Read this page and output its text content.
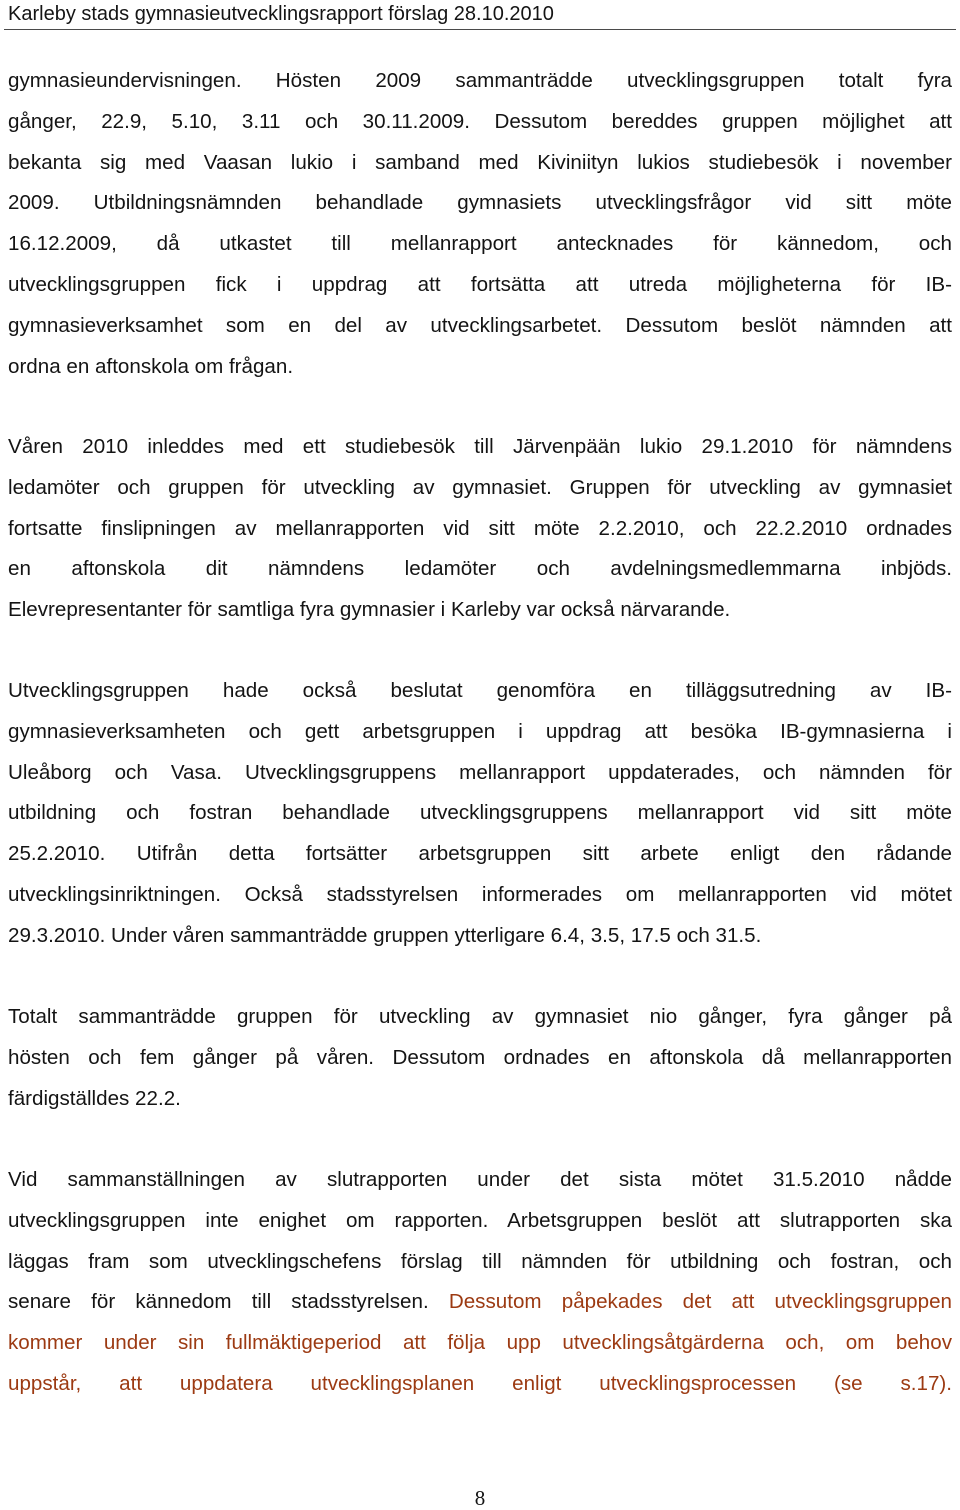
Karleby stads gymnasieutvecklingsrapport förslag 28.10.2010
gymnasieundervisningen. Hösten 2009 sammanträdde utvecklingsgruppen totalt fyra
gånger, 22.9, 5.10, 3.11 och 30.11.2009. Dessutom bereddes gruppen möjlighet att
bekanta sig med Vaasan lukio i samband med Kiviniityn lukios studiebesök i november
2009. Utbildningsnämnden behandlade gymnasiets utvecklingsfrågor vid sitt möte
16.12.2009, då utkastet till mellanrapport antecknades för kännedom, och
utvecklingsgruppen fick i uppdrag att fortsätta att utreda möjligheterna för IB-
gymnasieverksamhet som en del av utvecklingsarbetet. Dessutom beslöt nämnden att
ordna en aftonskola om frågan.
Våren 2010 inleddes med ett studiebesök till Järvenpään lukio 29.1.2010 för nämndens
ledamöter och gruppen för utveckling av gymnasiet. Gruppen för utveckling av gymnasiet
fortsatte finslipningen av mellanrapporten vid sitt möte 2.2.2010, och 22.2.2010 ordnades
en aftonskola dit nämndens ledamöter och avdelningsmedlemmarna inbjöds.
Elevrepresentanter för samtliga fyra gymnasier i Karleby var också närvarande.
Utvecklingsgruppen hade också beslutat genomföra en tilläggsutredning av IB-
gymnasieverksamheten och gett arbetsgruppen i uppdrag att besöka IB-gymnasierna i
Uleåborg och Vasa. Utvecklingsgruppens mellanrapport uppdaterades, och nämnden för
utbildning och fostran behandlade utvecklingsgruppens mellanrapport vid sitt möte
25.2.2010. Utifrån detta fortsätter arbetsgruppen sitt arbete enligt den rådande
utvecklingsinriktningen. Också stadsstyrelsen informerades om mellanrapporten vid mötet
29.3.2010. Under våren sammanträdde gruppen ytterligare 6.4, 3.5, 17.5 och 31.5.
Totalt sammanträdde gruppen för utveckling av gymnasiet nio gånger, fyra gånger på
hösten och fem gånger på våren. Dessutom ordnades en aftonskola då mellanrapporten
färdigställdes 22.2.
Vid sammanställningen av slutrapporten under det sista mötet 31.5.2010 nådde
utvecklingsgruppen inte enighet om rapporten. Arbetsgruppen beslöt att slutrapporten ska
läggas fram som utvecklingschefens förslag till nämnden för utbildning och fostran, och
senare för kännedom till stadsstyrelsen. Dessutom påpekades det att utvecklingsgruppen
kommer under sin fullmäktigeperiod att följa upp utvecklingsåtgärderna och, om behov
uppstår, att uppdatera utvecklingsplanen enligt utvecklingsprocessen (se s.17).
8
